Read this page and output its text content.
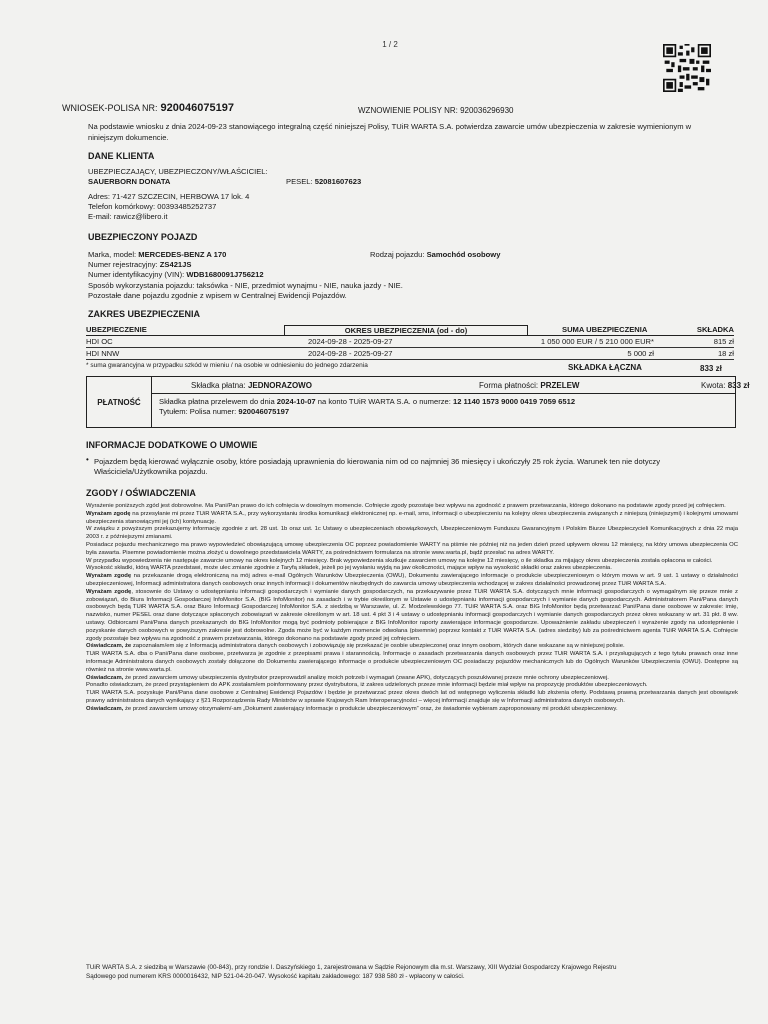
1 / 2
WNIOSEK-POLISA NR: 920046075197	WZNOWIENIE POLISY NR: 920036296930
Na podstawie wniosku z dnia 2024-09-23 stanowiącego integralną część niniejszej Polisy, TUiR WARTA S.A. potwierdza zawarcie umów ubezpieczenia w zakresie wymienionym w niniejszym dokumencie.
DANE KLIENTA
UBEZPIECZAJĄCY, UBEZPIECZONY/WŁAŚCICIEL:
SAUERBORN DONATA	PESEL: 52081607623
Adres: 71-427 SZCZECIN, HERBOWA 17 lok. 4
Telefon komórkowy: 00393485252737
E-mail: rawicz@libero.it
UBEZPIECZONY POJAZD
Marka, model: MERCEDES-BENZ A 170	Rodzaj pojazdu: Samochód osobowy
Numer rejestracyjny: ZS421JS
Numer identyfikacyjny (VIN): WDB1680091J756212
Sposób wykorzystania pojazdu: taksówka - NIE, przedmiot wynajmu - NIE, nauka jazdy - NIE.
Pozostałe dane pojazdu zgodnie z wpisem w Centralnej Ewidencji Pojazdów.
ZAKRES UBEZPIECZENIA
UBEZPIECZENIE	OKRES UBEZPIECZENIA (od - do)	SUMA UBEZPIECZENIA	SKŁADKA
HDI OC	2024-09-28 - 2025-09-27	1 050 000 EUR / 5 210 000 EUR*	815 zł
HDI NNW	2024-09-28 - 2025-09-27	5 000 zł	18 zł
* suma gwarancyjna w przypadku szkód w mieniu / na osobie w odniesieniu do jednego zdarzenia	SKŁADKA ŁĄCZNA	833 zł
PŁATNOŚĆ
Składka płatna: JEDNORAZOWO	Forma płatności: PRZELEW	Kwota: 833 zł
Składka płatna przelewem do dnia 2024-10-07 na konto TUiR WARTA S.A. o numerze: 12 1140 1573 9000 0419 7059 6512
Tytułem: Polisa numer: 920046075197
INFORMACJE DODATKOWE O UMOWIE
• Pojazdem będą kierować wyłącznie osoby, które posiadają uprawnienia do kierowania nim od co najmniej 36 miesięcy i ukończyły 25 rok życia. Warunek ten nie dotyczy Właściciela/Użytkownika pojazdu.
ZGODY / OŚWIADCZENIA

Wyrażenie poniższych zgód jest dobrowolne. Ma Pani/Pan prawo do ich cofnięcia w dowolnym momencie. Cofnięcie zgody pozostaje bez wpływu na zgodność z prawem przetwarzania, którego dokonano na podstawie zgody przed jej cofnięciem.

Wyrażam zgodę na przesyłanie mi przez TUiR WARTA S.A., przy wykorzystaniu środka komunikacji elektronicznej np. e-mail, sms, informacji o ubezpieczeniu na kolejny okres ubezpieczenia związanych z niniejszą (niniejszymi) i kolejnymi umowami ubezpieczenia stanowiącymi jej (ich) kontynuację.

W związku z powyższym przekazujemy informację zgodnie z art. 28 ust. 1b oraz ust. 1c Ustawy o ubezpieczeniach obowiązkowych, Ubezpieczeniowym Funduszu Gwarancyjnym i Polskim Biurze Ubezpieczycieli Komunikacyjnych z dnia 22 maja 2003 r. z późniejszymi zmianami.

Posiadacz pojazdu mechanicznego ma prawo wypowiedzieć obowiązującą umowę ubezpieczenia OC poprzez powiadomienie WARTY na piśmie nie później niż na jeden dzień przed upływem okresu 12 miesięcy, na który umowa ubezpieczenia OC była zawarta. Pisemne powiadomienie można złożyć u dowolnego przedstawiciela WARTY, za pośrednictwem formularza na stronie www.warta.pl, bądź przesłać na adres WARTY.

W przypadku wypowiedzenia nie następuje zawarcie umowy na okres kolejnych 12 miesięcy. Brak wypowiedzenia skutkuje zawarciem umowy na kolejne 12 miesięcy, o ile składka za mijający okres ubezpieczenia została opłacona w całości.

Wysokość składki, którą WARTA przedstawi, może ulec zmianie zgodnie z Taryfą składek, jeżeli po jej wysłaniu wyjdą na jaw okoliczności, mające wpływ na wysokość składki oraz zakres ubezpieczenia.

Wyrażam zgodę na przekazanie drogą elektroniczną na mój adres e-mail Ogólnych Warunków Ubezpieczenia (OWU), Dokumentu zawierającego informacje o produkcie ubezpieczeniowym o którym mowa w art. 9 ust. 1 ustawy o działalności ubezpieczeniowej, Informacji administratora danych osobowych oraz innych informacji i dokumentów niezbędnych do zawarcia umowy ubezpieczenia wchodzącej w zakres działalności prowadzonej przez TUiR WARTA S.A.

Wyrażam zgodę, stosownie do Ustawy o udostępnianiu informacji gospodarczych i wymianie danych gospodarczych, na przekazywanie przez TUiR WARTA S.A. dotyczących mnie informacji gospodarczych o wymagalnym się przeze mnie z zobowiązań, do Biura Informacji Gospodarczej InfoMonitor S.A. (BIG InfoMonitor) na zasadach i w trybie określonym w Ustawie o udostępnianiu informacji gospodarczych i wymianie danych gospodarczych. Administratorem Pani/Pana danych osobowych będą TUiR WARTA S.A. oraz Biuro Informacji Gospodarczej InfoMonitor S.A. z siedzibą w Warszawie, ul. Z. Modzelewskiego 77. TUiR WARTA S.A. oraz BIG InfoMonitor będą przetwarzać Pani/Pana dane osobowe w zakresie: imię, nazwisko, numer PESEL oraz dane dotyczące spłaconych zobowiązań w zakresie określonym w art. 18 ust. 4 pkt 3 i 4 ustawy o udostępnianiu informacji gospodarczych i wymianie danych gospodarczych przez okres wskazany w art. 31 pkt. 8 ww. ustawy. Odbiorcami Pani/Pana danych przekazanych do BIG InfoMonitor mogą być podmioty pobierające z BIG InfoMonitor raporty zawierające informacje gospodarcze. Upoważnienie zakładu ubezpieczeń i wyrażenie zgody na udostępnienie i pozyskanie danych osobowych w powyższym zakresie jest dobrowolne. Zgoda może być w każdym momencie odwołana (pisemnie) poprzez kontakt z TUiR WARTA S.A. (adres siedziby) lub za pośrednictwem agenta TUiR WARTA S.A. Cofnięcie zgody pozostaje bez wpływu na zgodność z prawem przetwarzania, którego dokonano na podstawie zgody przed jej cofnięciem.

Oświadczam, że zapoznałam/em się z Informacją administratora danych osobowych i zobowiązuję się przekazać je osobie ubezpieczonej oraz innym osobom, których dane wskazane są w niniejszej polisie.

TUiR WARTA S.A. dba o Pani/Pana dane osobowe, przetwarza je zgodnie z przepisami prawa i starannością. Informacje o zasadach przetwarzania danych osobowych przez TUiR WARTA S.A. i przysługujących z tego tytułu prawach oraz inne informacje Administratora danych osobowych zostały dołączone do Dokumentu zawierającego informacje o produkcie ubezpieczeniowym OC posiadaczy pojazdów mechanicznych lub do Ogólnych Warunków Ubezpieczenia (OWU). Dostępne są również na stronie www.warta.pl.

Oświadczam, że przed zawarciem umowy ubezpieczenia dystrybutor przeprowadził analizę moich potrzeb i wymagań (zwane APK), dotyczących poszukiwanej przeze mnie ochrony ubezpieczeniowej.

Ponadto oświadczam, że przed przystąpieniem do APK zostałam/em poinformowany przez dystrybutora, iż zakres udzielonych przeze mnie informacji będzie miał wpływ na propozycję produktów ubezpieczeniowych.

TUiR WARTA S.A. pozyskuje Pani/Pana dane osobowe z Centralnej Ewidencji Pojazdów i będzie je przetwarzać przez okres dwóch lat od wstępnego wyliczenia składki lub złożenia oferty. Podstawą prawną przetwarzania danych jest obowiązek prawny administratora danych wynikający z §21 Rozporządzenia Rady Ministrów w sprawie Krajowych Ram Interoperacyjności – więcej informacji znajduje się w Informacji administratora danych osobowych.

Oświadczam, że przed zawarciem umowy otrzymałem/-am „Dokument zawierający informacje o produkcie ubezpieczeniowym” oraz, że świadomie wybieram zaproponowany mi produkt ubezpieczeniowy.

TUiR WARTA S.A. z siedzibą w Warszawie (00-843), przy rondzie I. Daszyńskiego 1, zarejestrowana w Sądzie Rejonowym dla m.st. Warszawy, XIII Wydział Gospodarczy Krajowego Rejestru
Sądowego pod numerem KRS 0000016432, NIP 521-04-20-047. Wysokość kapitału zakładowego: 187 938 580 zł - wpłacony w całości.
